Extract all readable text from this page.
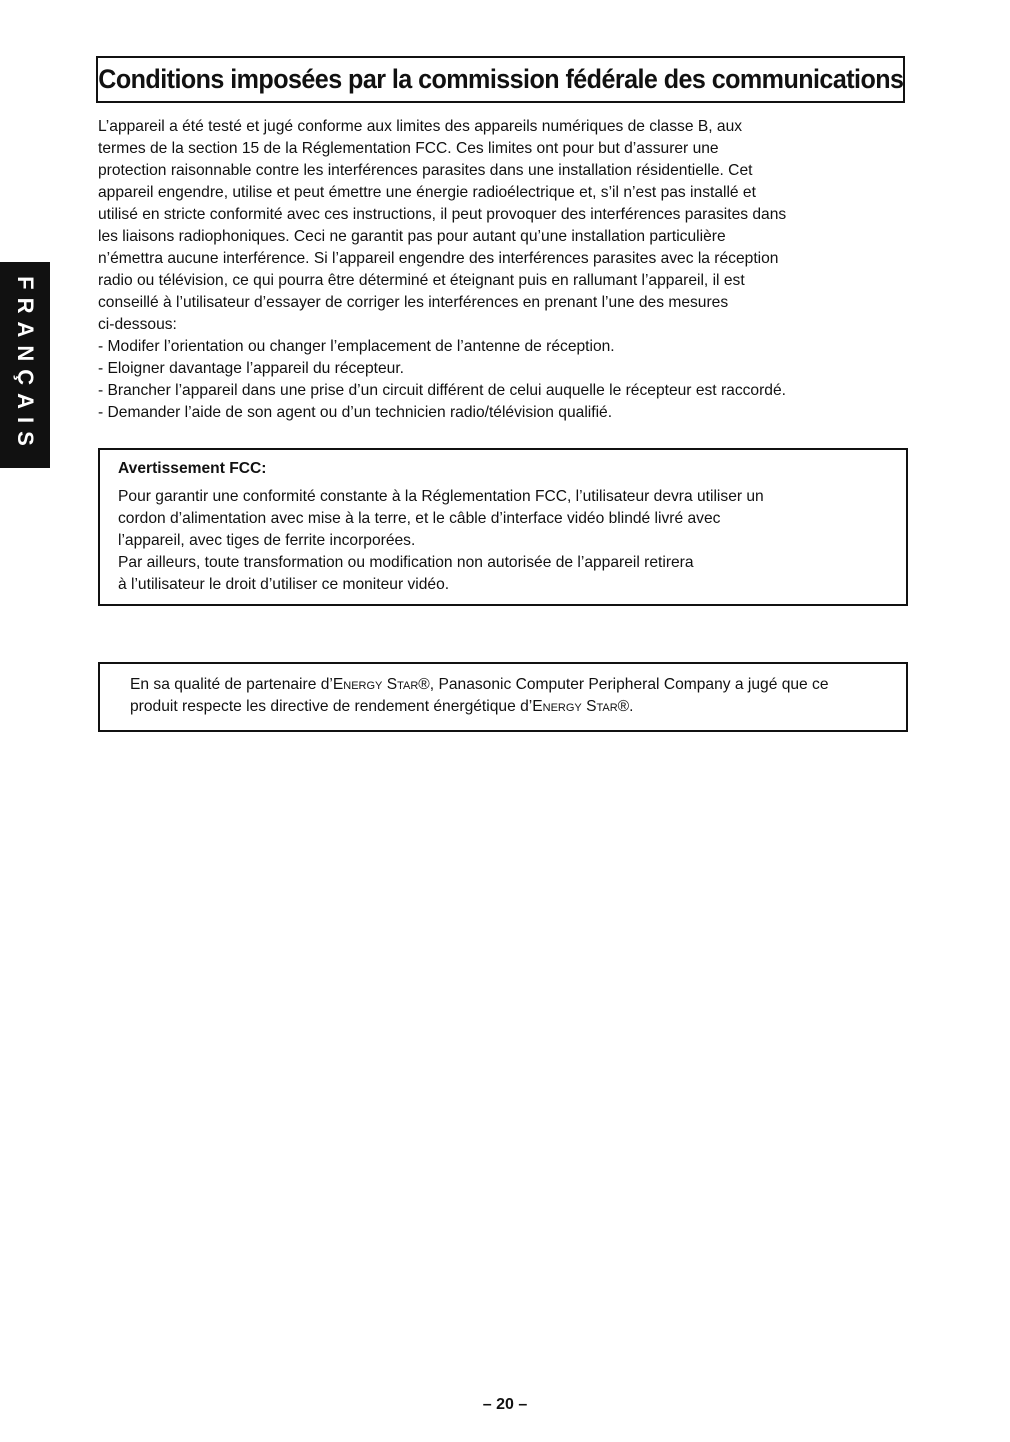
Conditions imposées par la commission fédérale des communications
FRANÇAIS

L’appareil a été testé et jugé conforme aux limites des appareils numériques de classe B, aux
termes de la section 15 de la Réglementation FCC. Ces limites ont pour but d’assurer une
protection raisonnable contre les interférences parasites dans une installation résidentielle. Cet
appareil engendre, utilise et peut émettre une énergie radioélectrique et, s’il n’est pas installé et
utilisé en stricte conformité avec ces instructions, il peut provoquer des interférences parasites dans
les liaisons radiophoniques. Ceci ne garantit pas pour autant qu’une installation particulière
n’émettra aucune interférence. Si l’appareil engendre des interférences parasites avec la réception
radio ou télévision, ce qui pourra être déterminé et éteignant puis en rallumant l’appareil, il est
conseillé à l’utilisateur d’essayer de corriger les interférences en prenant l’une des mesures
ci-dessous:

- Modifer l’orientation ou changer l’emplacement de l’antenne de réception.
- Eloigner davantage l’appareil du récepteur.
- Brancher l’appareil dans une prise d’un circuit différent de celui auquelle le récepteur est raccordé.
- Demander l’aide de son agent ou d’un technicien radio/télévision qualifié.
Avertissement FCC:

Pour garantir une conformité constante à la Réglementation FCC, l’utilisateur devra utiliser un
cordon d’alimentation avec mise à la terre, et le câble d’interface vidéo blindé livré avec
l’appareil, avec tiges de ferrite incorporées.
Par ailleurs, toute transformation ou modification non autorisée de l’appareil retirera
à l’utilisateur le droit d’utiliser ce moniteur vidéo.

En sa qualité de partenaire d’Energy Star®, Panasonic Computer Peripheral Company a jugé que ce produit respecte les directive de rendement énergétique d’Energy Star®.

– 20 –
